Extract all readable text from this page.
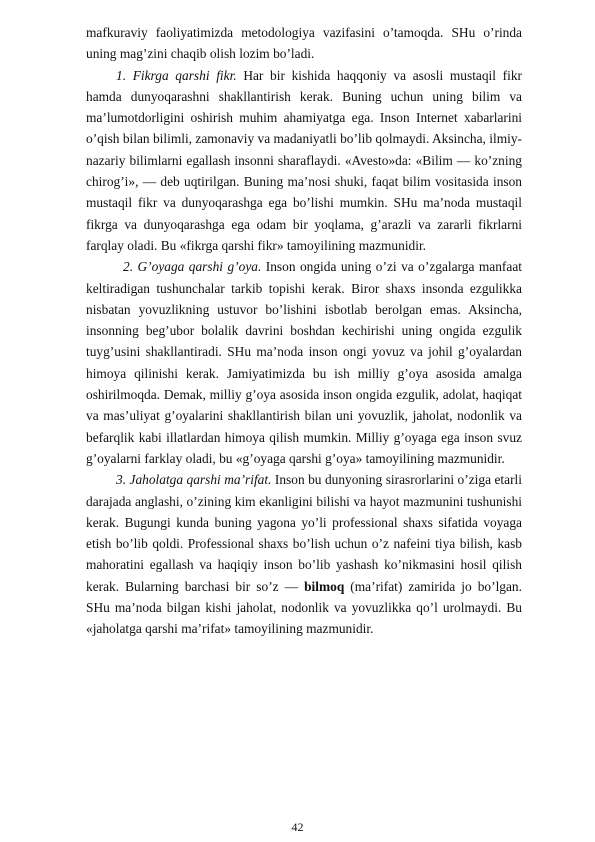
mafkuraviy faoliyatimizda metodologiya vazifasini o’tamoqda. SHu o’rinda uning mag’zini chaqib olish lozim bo’ladi.

1. Fikrga qarshi fikr. Har bir kishida haqqoniy va asosli mustaqil fikr hamda dunyoqarashni shakllantirish kerak. Buning uchun uning bilim va ma’lumotdorligini oshirish muhim ahamiyatga ega. Inson Internet xabarlarini o’qish bilan bilimli, zamonaviy va madaniyatli bo’lib qolmaydi. Aksincha, ilmiy-nazariy bilimlarni egallash insonni sharaflaydi. «Avesto»da: «Bilim — ko’zning chirog’i», — deb uqtirilgan. Buning ma’nosi shuki, faqat bilim vositasida inson mustaqil fikr va dunyoqarashga ega bo’lishi mumkin. SHu ma’noda mustaqil fikrga va dunyoqarashga ega odam bir yoqlama, g’arazli va zararli fikrlarni farqlay oladi. Bu «fikrga qarshi fikr» tamoyilining mazmunidir.

2. G’oyaga qarshi g’oya. Inson ongida uning o’zi va o’zgalarga manfaat keltiradigan tushunchalar tarkib topishi kerak. Biror shaxs insonda ezgulikka nisbatan yovuzlikning ustuvor bo’lishini isbotlab berolgan emas. Aksincha, insonning beg’ubor bolalik davrini boshdan kechirishi uning ongida ezgulik tuyg’usini shakllantiradi. SHu ma’noda inson ongi yovuz va johil g’oyalardan himoya qilinishi kerak. Jamiyatimizda bu ish milliy g’oya asosida amalga oshirilmoqda. Demak, milliy g’oya asosida inson ongida ezgulik, adolat, haqiqat va mas’uliyat g’oyalarini shakllantirish bilan uni yovuzlik, jaholat, nodonlik va befarqlik kabi illatlardan himoya qilish mumkin. Milliy g’oyaga ega inson svuz g’oyalarni farklay oladi, bu «g’oyaga qarshi g’oya» tamoyilining mazmunidir.

3. Jaholatga qarshi ma’rifat. Inson bu dunyoning sirasrorlarini o’ziga etarli darajada anglashi, o’zining kim ekanligini bilishi va hayot mazmunini tushunishi kerak. Bugungi kunda buning yagona yo’li professional shaxs sifatida voyaga etish bo’lib qoldi. Professional shaxs bo’lish uchun o’z nafeini tiya bilish, kasb mahoratini egallash va haqiqiy inson bo’lib yashash ko’nikmasini hosil qilish kerak. Bularning barchasi bir so’z — bilmoq (ma’rifat) zamirida jo bo’lgan. SHu ma’noda bilgan kishi jaholat, nodonlik va yovuzlikka qo’l urolmaydi. Bu «jaholatga qarshi ma’rifat» tamoyilining mazmunidir.

42
